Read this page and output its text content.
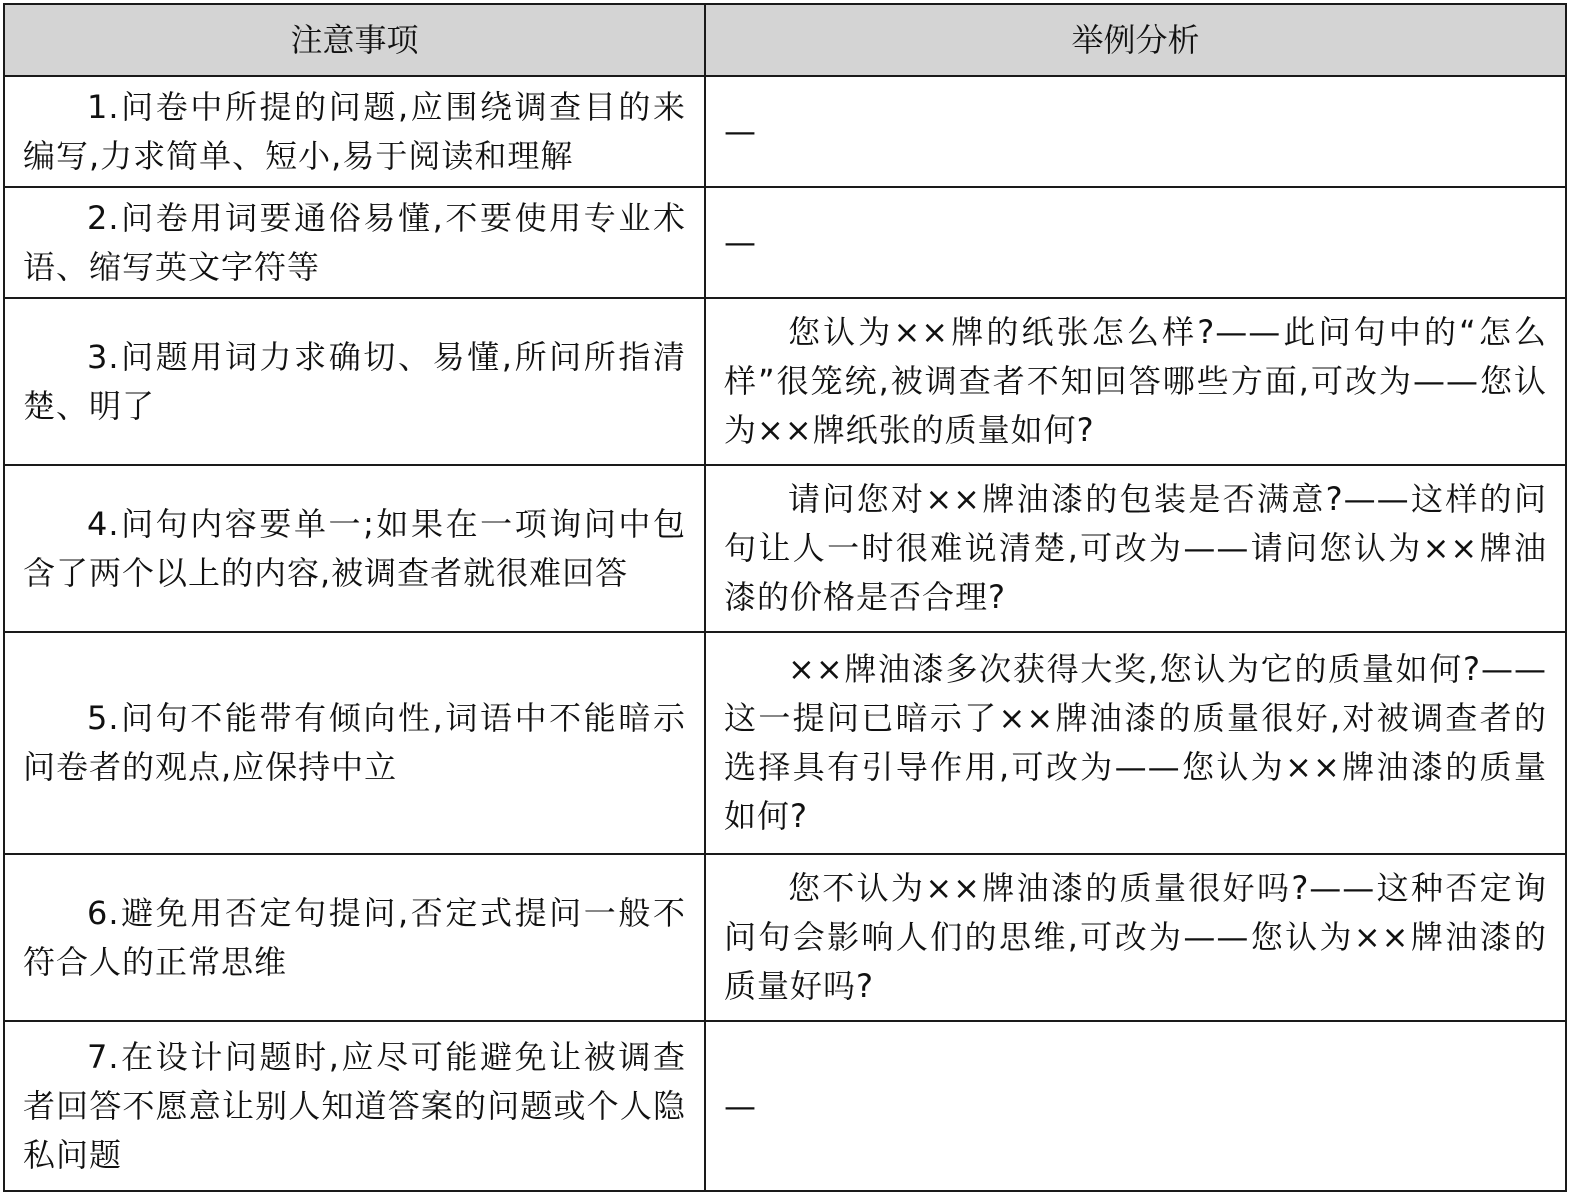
注意事项	举例分析
1.问卷中所提的问题,应围绕调查目的来编写,力求简单、短小,易于阅读和理解	—
2.问卷用词要通俗易懂,不要使用专业术语、缩写英文字符等	—
3.问题用词力求确切、易懂,所问所指清楚、明了	您认为××牌的纸张怎么样?——此问句中的“怎么样”很笼统,被调查者不知回答哪些方面,可改为——您认为××牌纸张的质量如何?
4.问句内容要单一;如果在一项询问中包含了两个以上的内容,被调查者就很难回答	请问您对××牌油漆的包装是否满意?——这样的问句让人一时很难说清楚,可改为——请问您认为××牌油漆的价格是否合理?
5.问句不能带有倾向性,词语中不能暗示问卷者的观点,应保持中立	××牌油漆多次获得大奖,您认为它的质量如何?——这一提问已暗示了××牌油漆的质量很好,对被调查者的选择具有引导作用,可改为——您认为××牌油漆的质量如何?
6.避免用否定句提问,否定式提问一般不符合人的正常思维	您不认为××牌油漆的质量很好吗?——这种否定询问句会影响人们的思维,可改为——您认为××牌油漆的质量好吗?
7.在设计问题时,应尽可能避免让被调查者回答不愿意让别人知道答案的问题或个人隐私问题	—
